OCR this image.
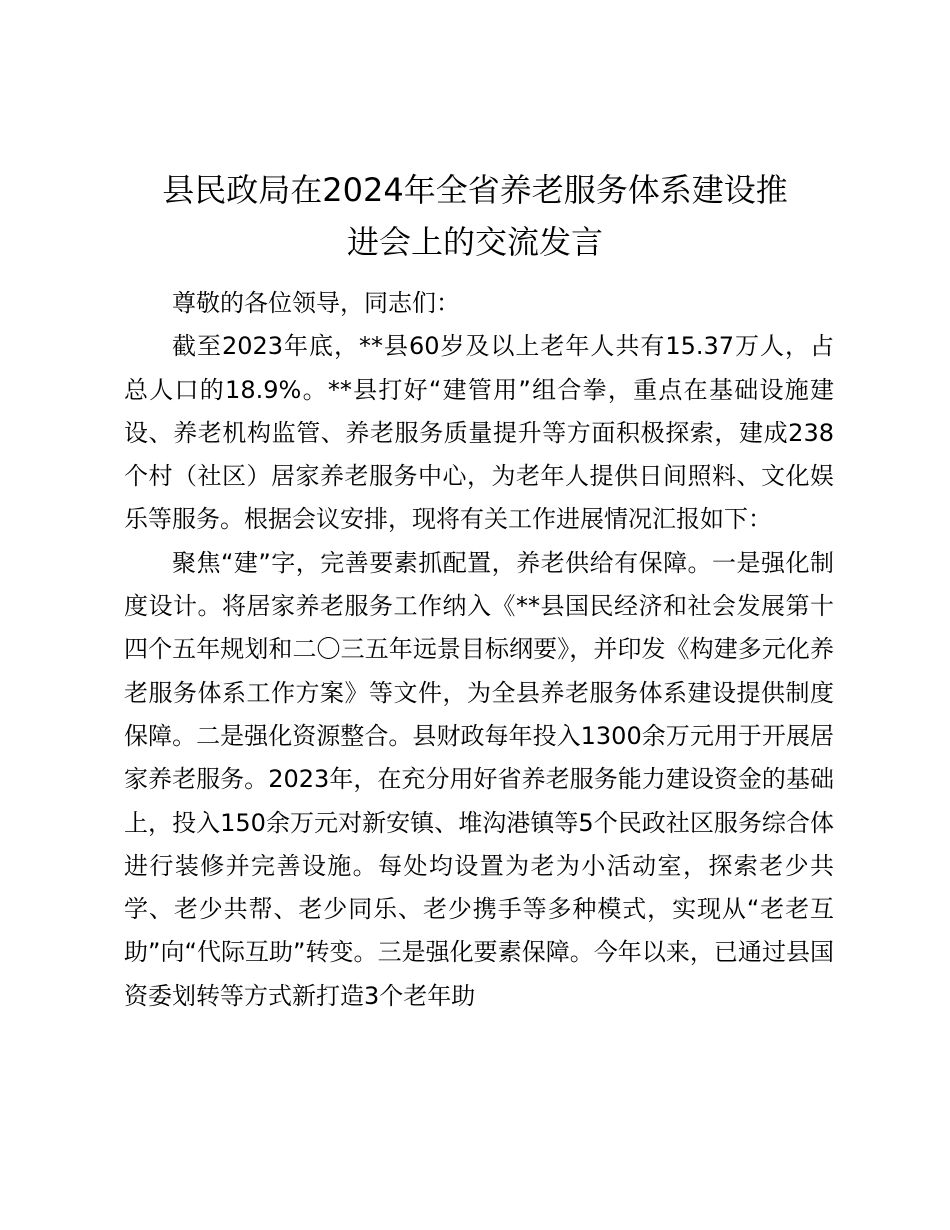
县民政局在2024年全省养老服务体系建设推
进会上的交流发言

尊敬的各位领导，同志们：

截至2023年底，**县60岁及以上老年人共有15.37万人，占总人口的18.9%。**县打好“建管用”组合拳，重点在基础设施建设、养老机构监管、养老服务质量提升等方面积极探索，建成238个村（社区）居家养老服务中心，为老年人提供日间照料、文化娱乐等服务。根据会议安排，现将有关工作进展情况汇报如下：

聚焦“建”字，完善要素抓配置，养老供给有保障。一是强化制度设计。将居家养老服务工作纳入《**县国民经济和社会发展第十四个五年规划和二〇三五年远景目标纲要》，并印发《构建多元化养老服务体系工作方案》等文件，为全县养老服务体系建设提供制度保障。二是强化资源整合。县财政每年投入1300余万元用于开展居家养老服务。2023年，在充分用好省养老服务能力建设资金的基础上，投入150余万元对新安镇、堆沟港镇等5个民政社区服务综合体进行装修并完善设施。每处均设置为老为小活动室，探索老少共学、老少共帮、老少同乐、老少携手等多种模式，实现从“老老互助”向“代际互助”转变。三是强化要素保障。今年以来，已通过县国资委划转等方式新打造3个老年助
